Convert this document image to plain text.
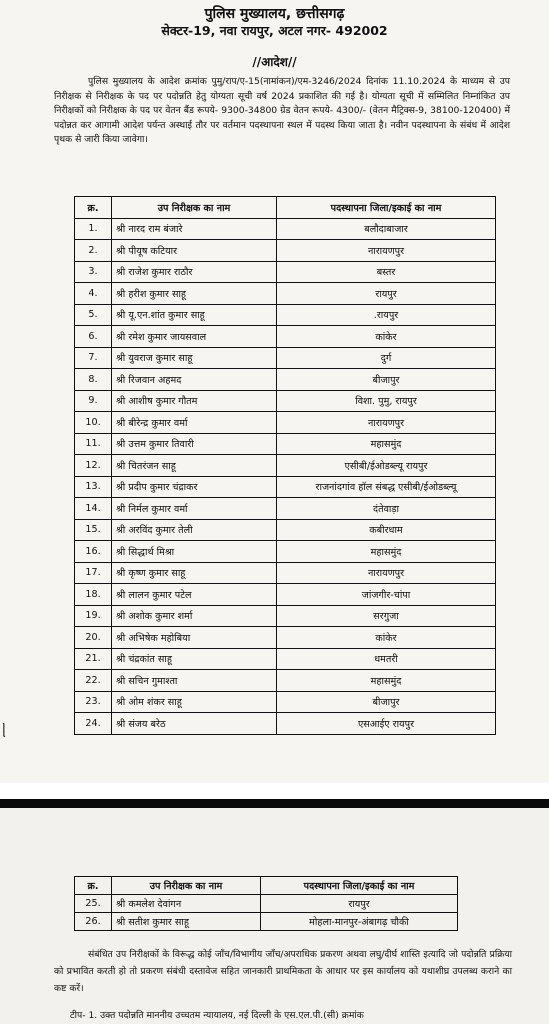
पुलिस मुख्यालय, छत्तीसगढ़
सेक्टर-19, नवा रायपुर, अटल नगर- 492002
//आदेश//
पुलिस मुख्यालय के आदेश क्रमांक पुमु/राप/ए-15(नामांकन)/एम-3246/2024 दिनांक 11.10.2024 के माध्यम से उप निरीक्षक से निरीक्षक के पद पर पदोन्नति हेतु योग्यता सूची वर्ष 2024 प्रकाशित की गई है। योग्यता सूची में सम्मिलित निम्नांकित उप निरीक्षकों को निरीक्षक के पद पर वेतन बैंड रूपये- 9300-34800 ग्रेड वेतन रूपये- 4300/- (वेतन मैट्रिक्स-9, 38100-120400) में पदोन्नत कर आगामी आदेश पर्यन्त अस्थाई तौर पर वर्तमान पदस्थापना स्थल में पदस्थ किया जाता है। नवीन पदस्थापना के संबंध में आदेश पृथक से जारी किया जावेगा।
क्र.	उप निरीक्षक का नाम	पदस्थापना जिला/इकाई का नाम
1.	श्री नारद राम बंजारे	बलौदाबाजार
2.	श्री पीयूष कटियार	नारायणपुर
3.	श्री राजेश कुमार राठौर	बस्तर
4.	श्री हरीश कुमार साहू	रायपुर
5.	श्री यू.एन.शांत कुमार साहू	.रायपुर
6.	श्री रमेश कुमार जायसवाल	कांकेर
7.	श्री युवराज कुमार साहू	दुर्ग
8.	श्री रिजवान अहमद	बीजापुर
9.	श्री आशीष कुमार गौतम	विशा. पुमु, रायपुर
10.	श्री बीरेन्द्र कुमार वर्मा	नारायणपुर
11.	श्री उत्तम कुमार तिवारी	महासमुंद
12.	श्री चितरंजन साहू	एसीबी/ईओडब्ल्यू रायपुर
13.	श्री प्रदीप कुमार चंद्राकर	राजनांदगांव हॉल संबद्ध एसीबी/ईओडब्ल्यू
14.	श्री निर्मल कुमार वर्मा	दंतेवाड़ा
15.	श्री अरविंद कुमार तेली	कबीरधाम
16.	श्री सिद्धार्थ मिश्रा	महासमुंद
17.	श्री कृष्ण कुमार साहू	नारायणपुर
18.	श्री लालन कुमार पटेल	जांजगीर-चांपा
19.	श्री अशोक कुमार शर्मा	सरगुजा
20.	श्री अभिषेक महोबिया	कांकेर
21.	श्री चंद्रकांत साहू	धमतरी
22.	श्री सचिन गुमाश्ता	महासमुंद
23.	श्री ओम शंकर साहू	बीजापुर
24.	श्री संजय बरेठ	एसआईए रायपुर
ᥣ
क्र.	उप निरीक्षक का नाम	पदस्थापना जिला/इकाई का नाम
25.	श्री कमलेश देवांगन	रायपुर
26.	श्री सतीश कुमार साहू	मोहला-मानपुर-अंबागढ़ चौकी
संबंधित उप निरीक्षकों के विरूद्ध कोई जाँच/विभागीय जाँच/अपराधिक प्रकरण अथवा लघु/दीर्घ शास्ति इत्यादि जो पदोन्नति प्रक्रिया को प्रभावित करती हो तो प्रकरण संबंधी दस्तावेज सहित जानकारी प्राथमिकता के आधार पर इस कार्यालय को यथाशीघ्र उपलब्ध कराने का कष्ट करें।
टीप- 1. उक्त पदोन्नति माननीय उच्चतम न्यायालय, नई दिल्ली के एस.एल.पी.(सी) क्रमांक
